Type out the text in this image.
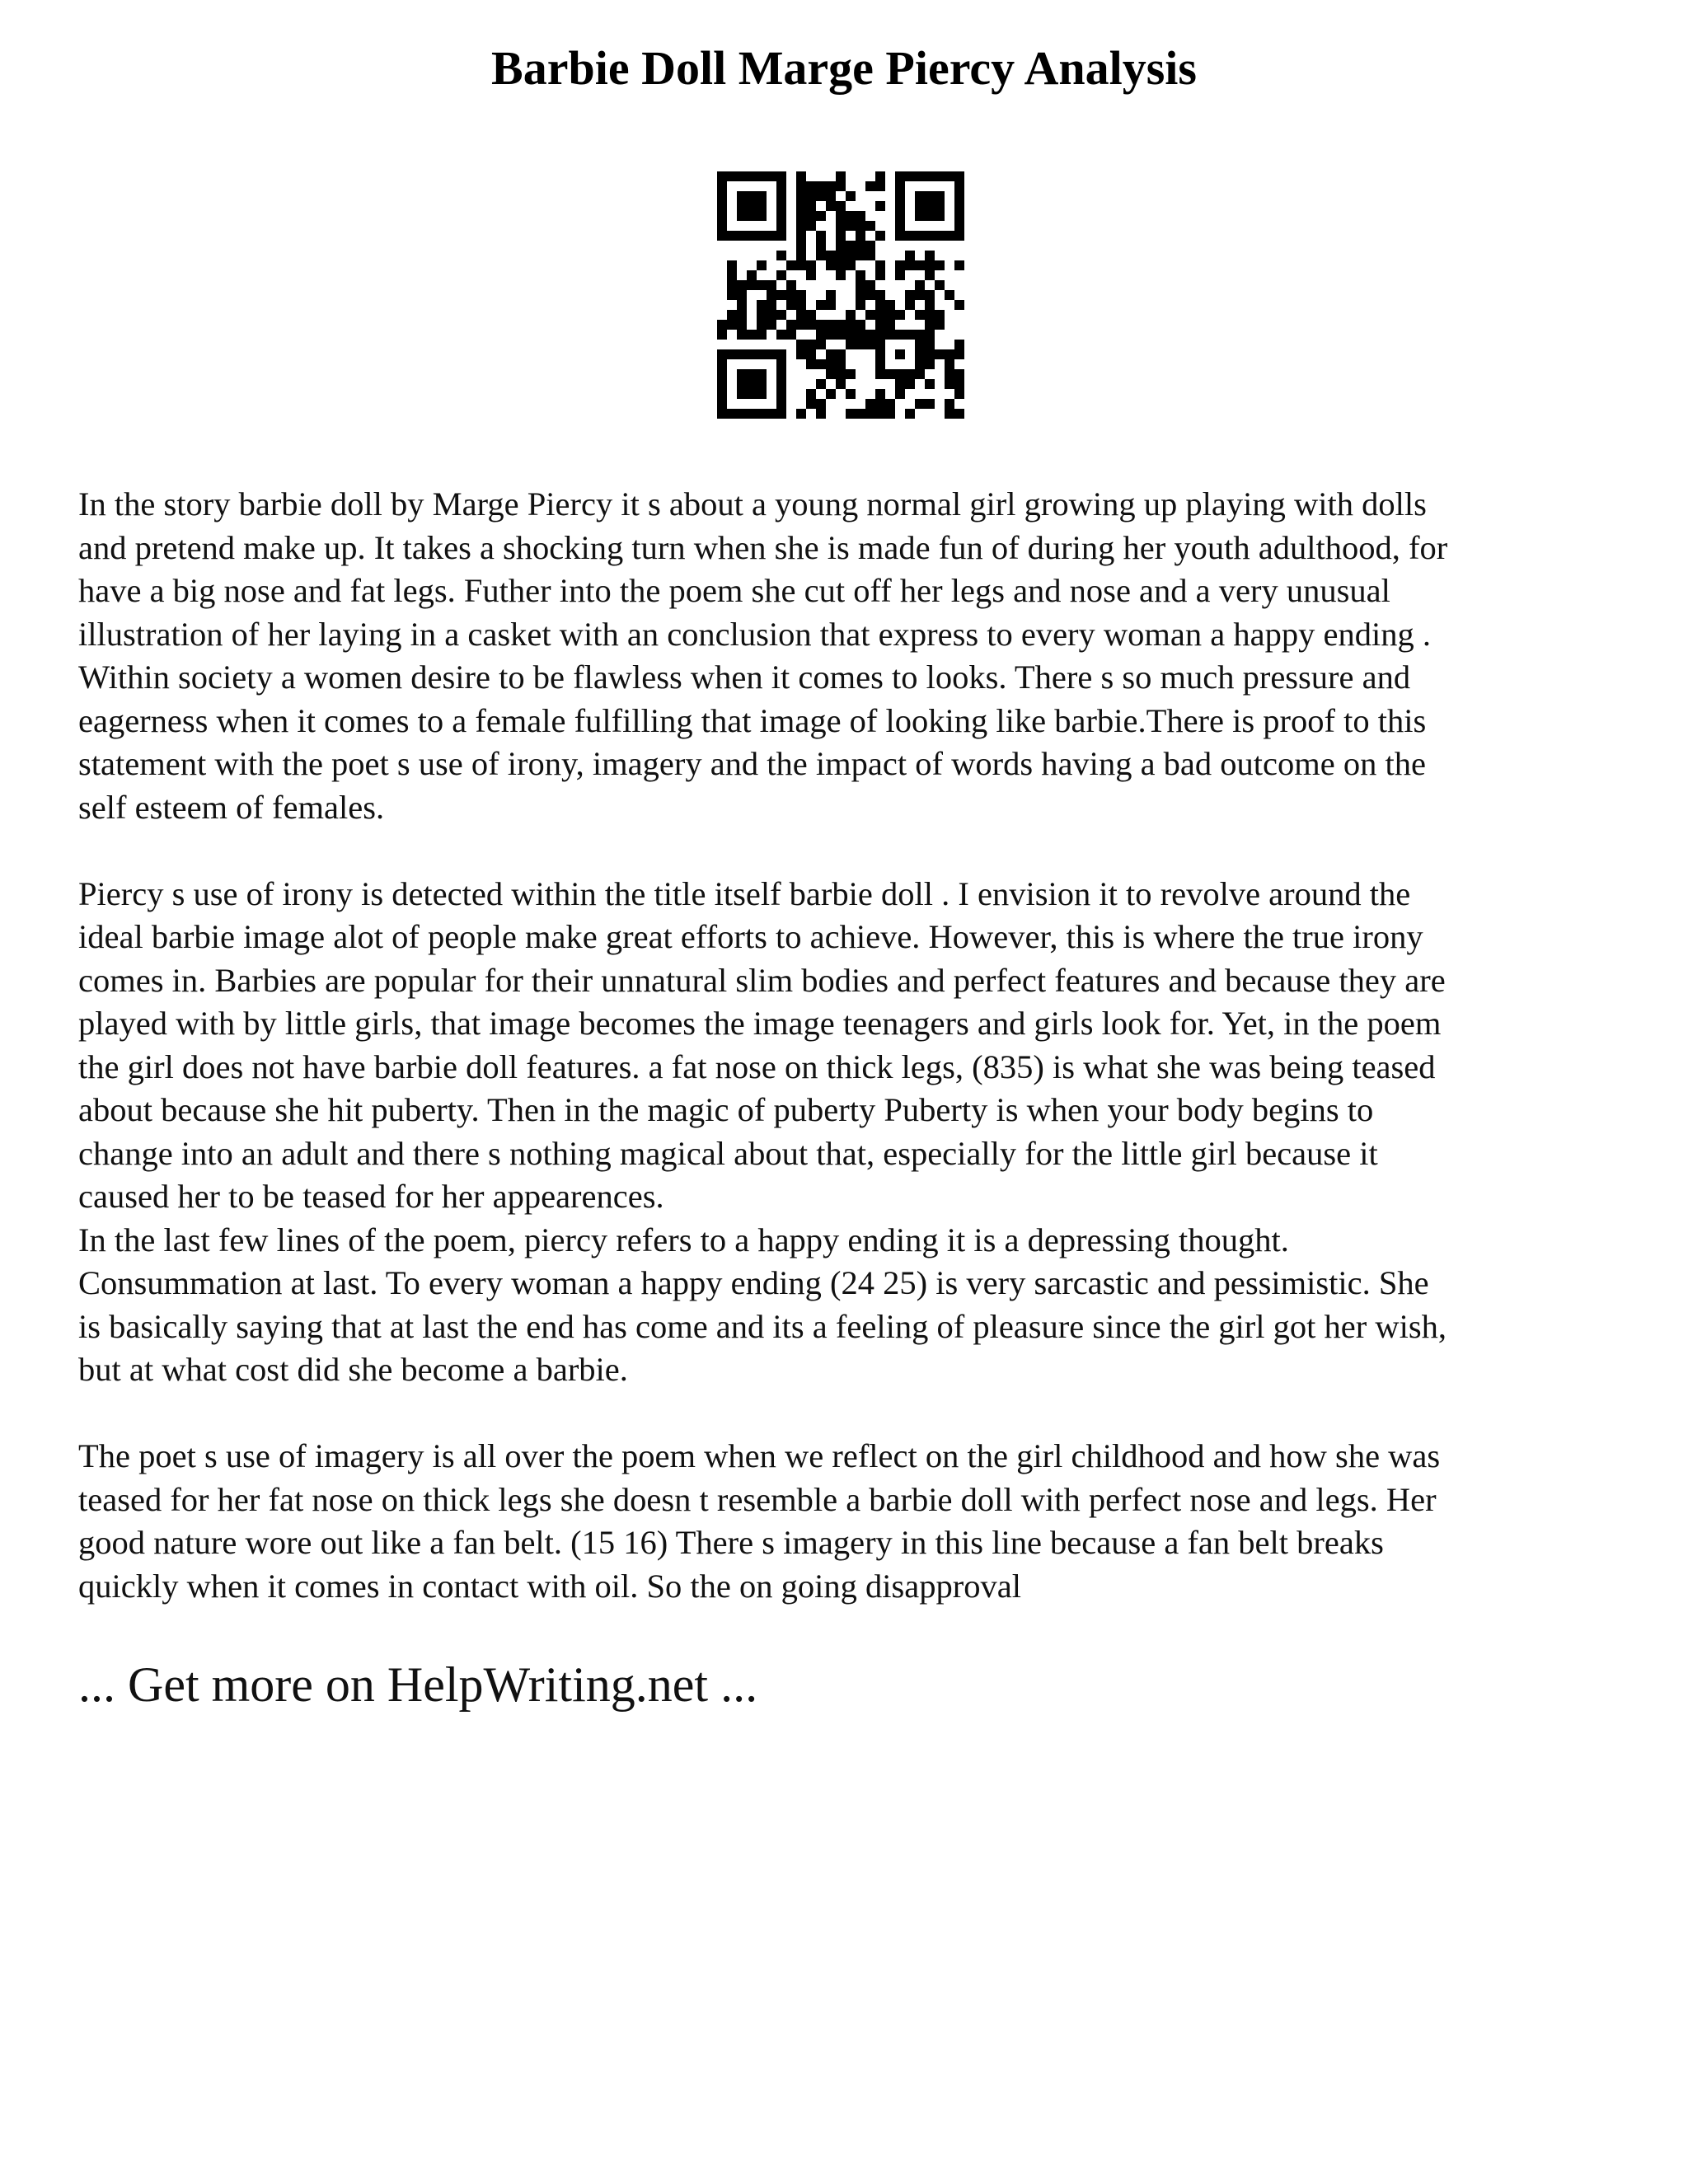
Barbie Doll Marge Piercy Analysis

In the story barbie doll by Marge Piercy it s about a young normal girl growing up playing with dolls

and pretend make up. It takes a shocking turn when she is made fun of during her youth adulthood, for

have a big nose and fat legs. Futher into the poem she cut off her legs and nose and a very unusual

illustration of her laying in a casket with an conclusion that express to every woman a happy ending .

Within society a women desire to be flawless when it comes to looks. There s so much pressure and

eagerness when it comes to a female fulfilling that image of looking like barbie.There is proof to this

statement with the poet s use of irony, imagery and the impact of words having a bad outcome on the

self esteem of females.

Piercy s use of irony is detected within the title itself barbie doll . I envision it to revolve around the

ideal barbie image alot of people make great efforts to achieve. However, this is where the true irony

comes in. Barbies are popular for their unnatural slim bodies and perfect features and because they are

played with by little girls, that image becomes the image teenagers and girls look for. Yet, in the poem

the girl does not have barbie doll features. a fat nose on thick legs, (835) is what she was being teased

about because she hit puberty. Then in the magic of puberty Puberty is when your body begins to

change into an adult and there s nothing magical about that, especially for the little girl because it

caused her to be teased for her appearences.

In the last few lines of the poem, piercy refers to a happy ending it is a depressing thought.

Consummation at last. To every woman a happy ending (24 25) is very sarcastic and pessimistic. She

is basically saying that at last the end has come and its a feeling of pleasure since the girl got her wish,

but at what cost did she become a barbie.

The poet s use of imagery is all over the poem when we reflect on the girl childhood and how she was

teased for her fat nose on thick legs she doesn t resemble a barbie doll with perfect nose and legs. Her

good nature wore out like a fan belt. (15 16) There s imagery in this line because a fan belt breaks

quickly when it comes in contact with oil. So the on going disapproval

... Get more on HelpWriting.net ...
